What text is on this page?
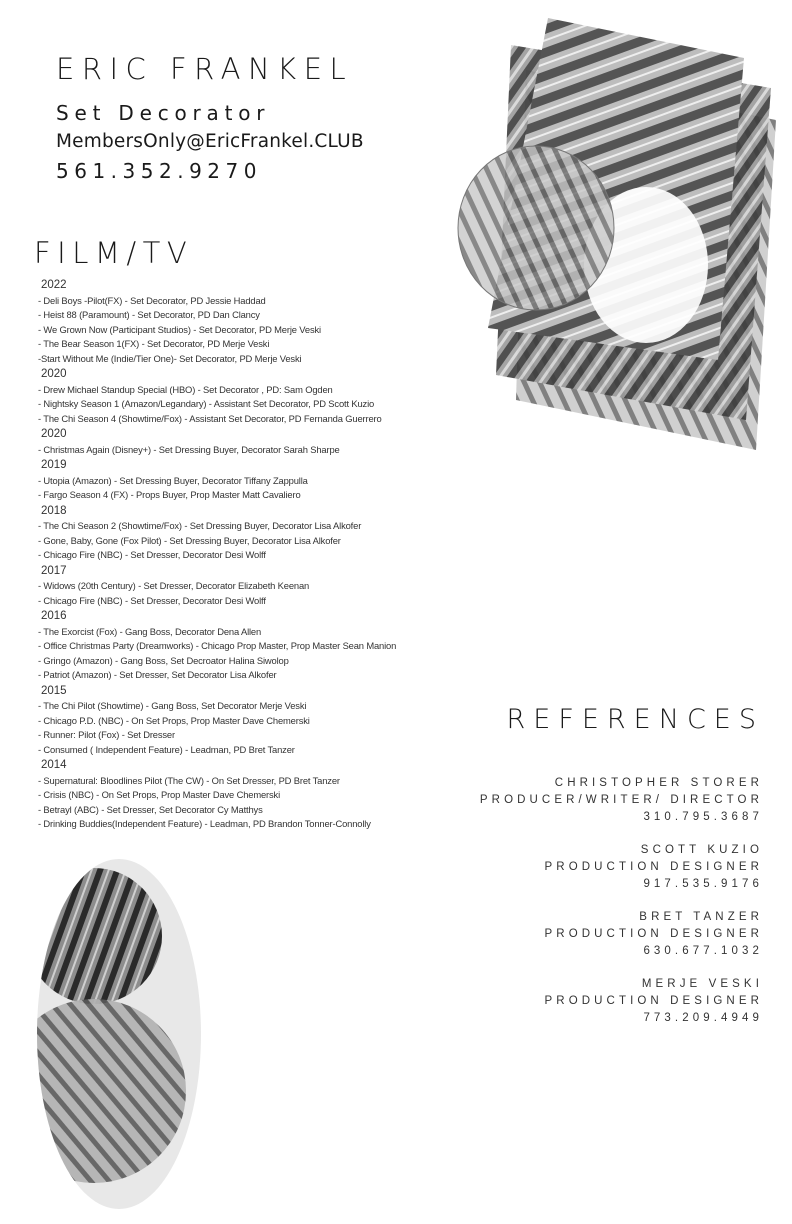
ERIC FRANKEL
Set Decorator
MembersOnly@EricFrankel.CLUB
561.352.9270
FILM/TV
2022
- Deli Boys -Pilot(FX) - Set Decorator, PD Jessie Haddad
- Heist 88 (Paramount) - Set Decorator, PD Dan Clancy
- We Grown Now (Participant Studios) - Set Decorator, PD Merje Veski
- The Bear Season 1(FX) - Set Decorator, PD Merje Veski
-Start Without Me (Indie/Tier One)- Set Decorator, PD Merje Veski
2020
- Drew Michael Standup Special (HBO) - Set Decorator , PD: Sam Ogden
- Nightsky Season 1 (Amazon/Legandary) - Assistant Set Decorator, PD Scott Kuzio
- The Chi Season 4 (Showtime/Fox) - Assistant Set Decorator, PD Fernanda Guerrero
2020
- Christmas Again (Disney+) - Set Dressing Buyer, Decorator Sarah Sharpe
2019
- Utopia (Amazon) - Set Dressing Buyer, Decorator Tiffany Zappulla
- Fargo Season 4 (FX) - Props Buyer, Prop Master Matt Cavaliero
2018
- The Chi Season 2 (Showtime/Fox) - Set Dressing Buyer, Decorator Lisa Alkofer
- Gone, Baby, Gone (Fox Pilot) - Set Dressing Buyer, Decorator Lisa Alkofer
- Chicago Fire (NBC) - Set Dresser, Decorator Desi Wolff
2017
- Widows (20th Century) - Set Dresser, Decorator Elizabeth Keenan
- Chicago Fire (NBC) - Set Dresser, Decorator Desi Wolff
2016
- The Exorcist (Fox) - Gang Boss, Decorator Dena Allen
- Office Christmas Party (Dreamworks) - Chicago Prop Master, Prop Master Sean Manion
- Gringo (Amazon) - Gang Boss, Set Decroator Halina Siwolop
- Patriot (Amazon) - Set Dresser, Set Decorator Lisa Alkofer
2015
- The Chi Pilot (Showtime) - Gang Boss, Set Decorator Merje Veski
- Chicago P.D. (NBC) - On Set Props, Prop Master Dave Chemerski
- Runner: Pilot (Fox) - Set Dresser
- Consumed ( Independent Feature) - Leadman, PD Bret Tanzer
2014
- Supernatural: Bloodlines Pilot (The CW) - On Set Dresser, PD Bret Tanzer
- Crisis (NBC) - On Set Props, Prop Master Dave Chemerski
- Betrayl (ABC) - Set Dresser, Set Decorator Cy Matthys
- Drinking Buddies(Independent Feature) - Leadman, PD Brandon Tonner-Connolly
REFERENCES
CHRISTOPHER STORER
PRODUCER/WRITER/ DIRECTOR
310.795.3687
SCOTT KUZIO
PRODUCTION DESIGNER
917.535.9176
BRET TANZER
PRODUCTION DESIGNER
630.677.1032
MERJE VESKI
PRODUCTION DESIGNER
773.209.4949
